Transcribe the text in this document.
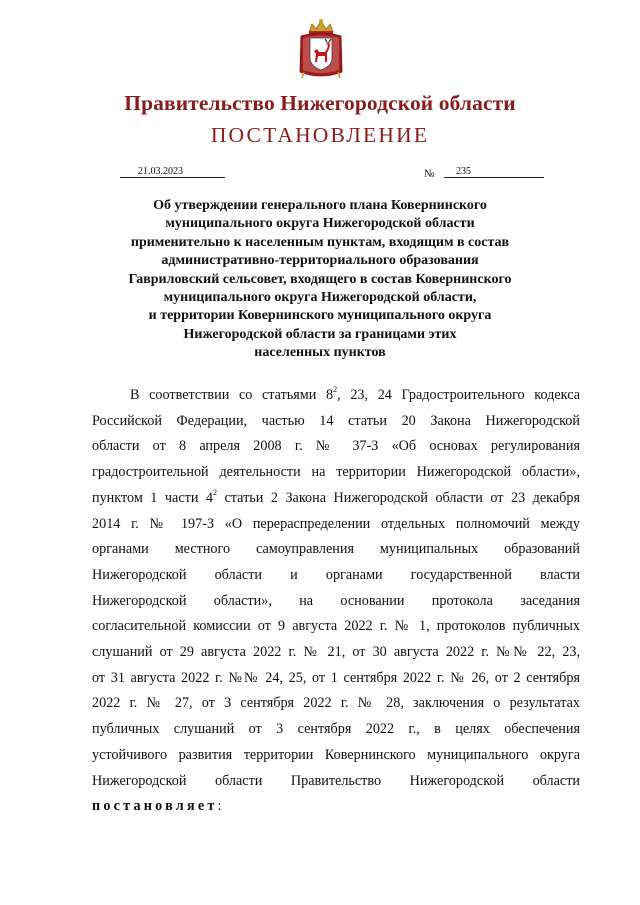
Правительство Нижегородской области
ПОСТАНОВЛЕНИЕ
21.03.2023	№	235
Об утверждении генерального плана Ковернинского
муниципального округа Нижегородской области
применительно к населенным пунктам, входящим в состав
административно-территориального образования
Гавриловский сельсовет, входящего в состав Ковернинского
муниципального округа Нижегородской области,
и территории Ковернинского муниципального округа
Нижегородской области за границами этих
населенных пунктов
В соответствии со статьями $8^2$, 23, 24 Градостроительного кодекса
Российской Федерации, частью 14 статьи 20 Закона Нижегородской
области от 8 апреля 2008 г. № 37-З «Об основах регулирования
градостроительной деятельности на территории Нижегородской области»,
пунктом 1 части $4^2$ статьи 2 Закона Нижегородской области от 23 декабря
2014 г. № 197-З «О перераспределении отдельных полномочий между
органами местного самоуправления муниципальных образований
Нижегородской области и органами государственной власти
Нижегородской области», на основании протокола заседания
согласительной комиссии от 9 августа 2022 г. № 1, протоколов публичных
слушаний от 29 августа 2022 г. № 21, от 30 августа 2022 г. №№ 22, 23,
от 31 августа 2022 г. №№ 24, 25, от 1 сентября 2022 г. № 26, от 2 сентября
2022 г. № 27, от 3 сентября 2022 г. № 28, заключения о результатах
публичных слушаний от 3 сентября 2022 г., в целях обеспечения
устойчивого развития территории Ковернинского муниципального округа
Нижегородской области Правительство Нижегородской области
постановляет:
